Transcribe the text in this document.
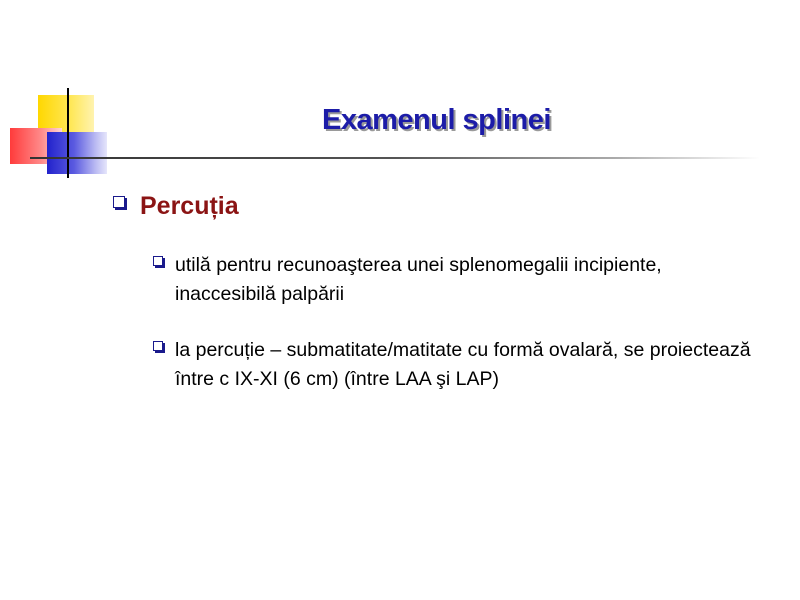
Examenul splinei

Percuția

utilă pentru recunoaşterea unei splenomegalii incipiente, inaccesibilă palpării

la percuție – submatitate/matitate cu formă ovalară, se proiectează între c IX-XI (6 cm) (între LAA şi LAP)
